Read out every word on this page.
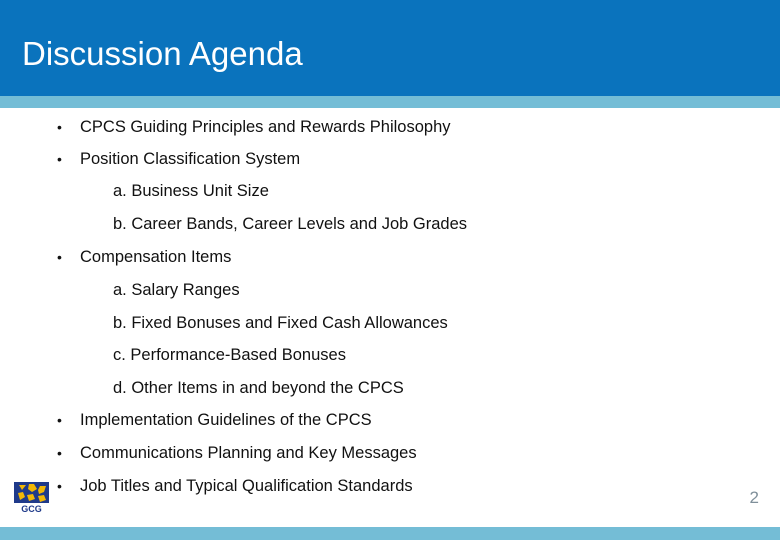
Discussion Agenda
• CPCS Guiding Principles and Rewards Philosophy
• Position Classification System
a. Business Unit Size
b. Career Bands, Career Levels and Job Grades
• Compensation Items
a. Salary Ranges
b. Fixed Bonuses and Fixed Cash Allowances
c. Performance-Based Bonuses
d. Other Items in and beyond the CPCS
• Implementation Guidelines of the CPCS
• Communications Planning and Key Messages
• Job Titles and Typical Qualification Standards
GCG
2
